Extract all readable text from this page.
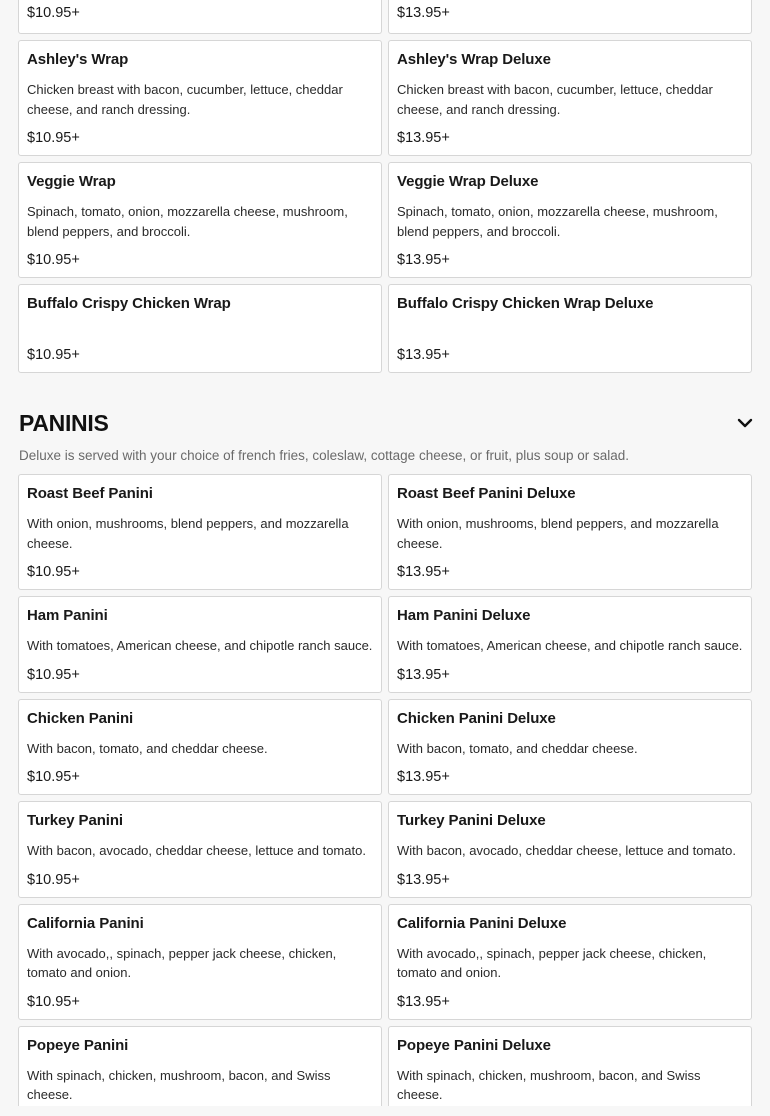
$10.95+	$13.95+
Ashley's Wrap
Chicken breast with bacon, cucumber, lettuce, cheddar cheese, and ranch dressing.
$10.95+
Ashley's Wrap Deluxe
Chicken breast with bacon, cucumber, lettuce, cheddar cheese, and ranch dressing.
$13.95+
Veggie Wrap
Spinach, tomato, onion, mozzarella cheese, mushroom, blend peppers, and broccoli.
$10.95+
Veggie Wrap Deluxe
Spinach, tomato, onion, mozzarella cheese, mushroom, blend peppers, and broccoli.
$13.95+
Buffalo Crispy Chicken Wrap
$10.95+
Buffalo Crispy Chicken Wrap Deluxe
$13.95+
PANINIS
Deluxe is served with your choice of french fries, coleslaw, cottage cheese, or fruit, plus soup or salad.
Roast Beef Panini
With onion, mushrooms, blend peppers, and mozzarella cheese.
$10.95+
Roast Beef Panini Deluxe
With onion, mushrooms, blend peppers, and mozzarella cheese.
$13.95+
Ham Panini
With tomatoes, American cheese, and chipotle ranch sauce.
$10.95+
Ham Panini Deluxe
With tomatoes, American cheese, and chipotle ranch sauce.
$13.95+
Chicken Panini
With bacon, tomato, and cheddar cheese.
$10.95+
Chicken Panini Deluxe
With bacon, tomato, and cheddar cheese.
$13.95+
Turkey Panini
With bacon, avocado, cheddar cheese, lettuce and tomato.
$10.95+
Turkey Panini Deluxe
With bacon, avocado, cheddar cheese, lettuce and tomato.
$13.95+
California Panini
With avocado,, spinach, pepper jack cheese, chicken, tomato and onion.
$10.95+
California Panini Deluxe
With avocado,, spinach, pepper jack cheese, chicken, tomato and onion.
$13.95+
Popeye Panini
With spinach, chicken, mushroom, bacon, and Swiss cheese.
Popeye Panini Deluxe
With spinach, chicken, mushroom, bacon, and Swiss cheese.
